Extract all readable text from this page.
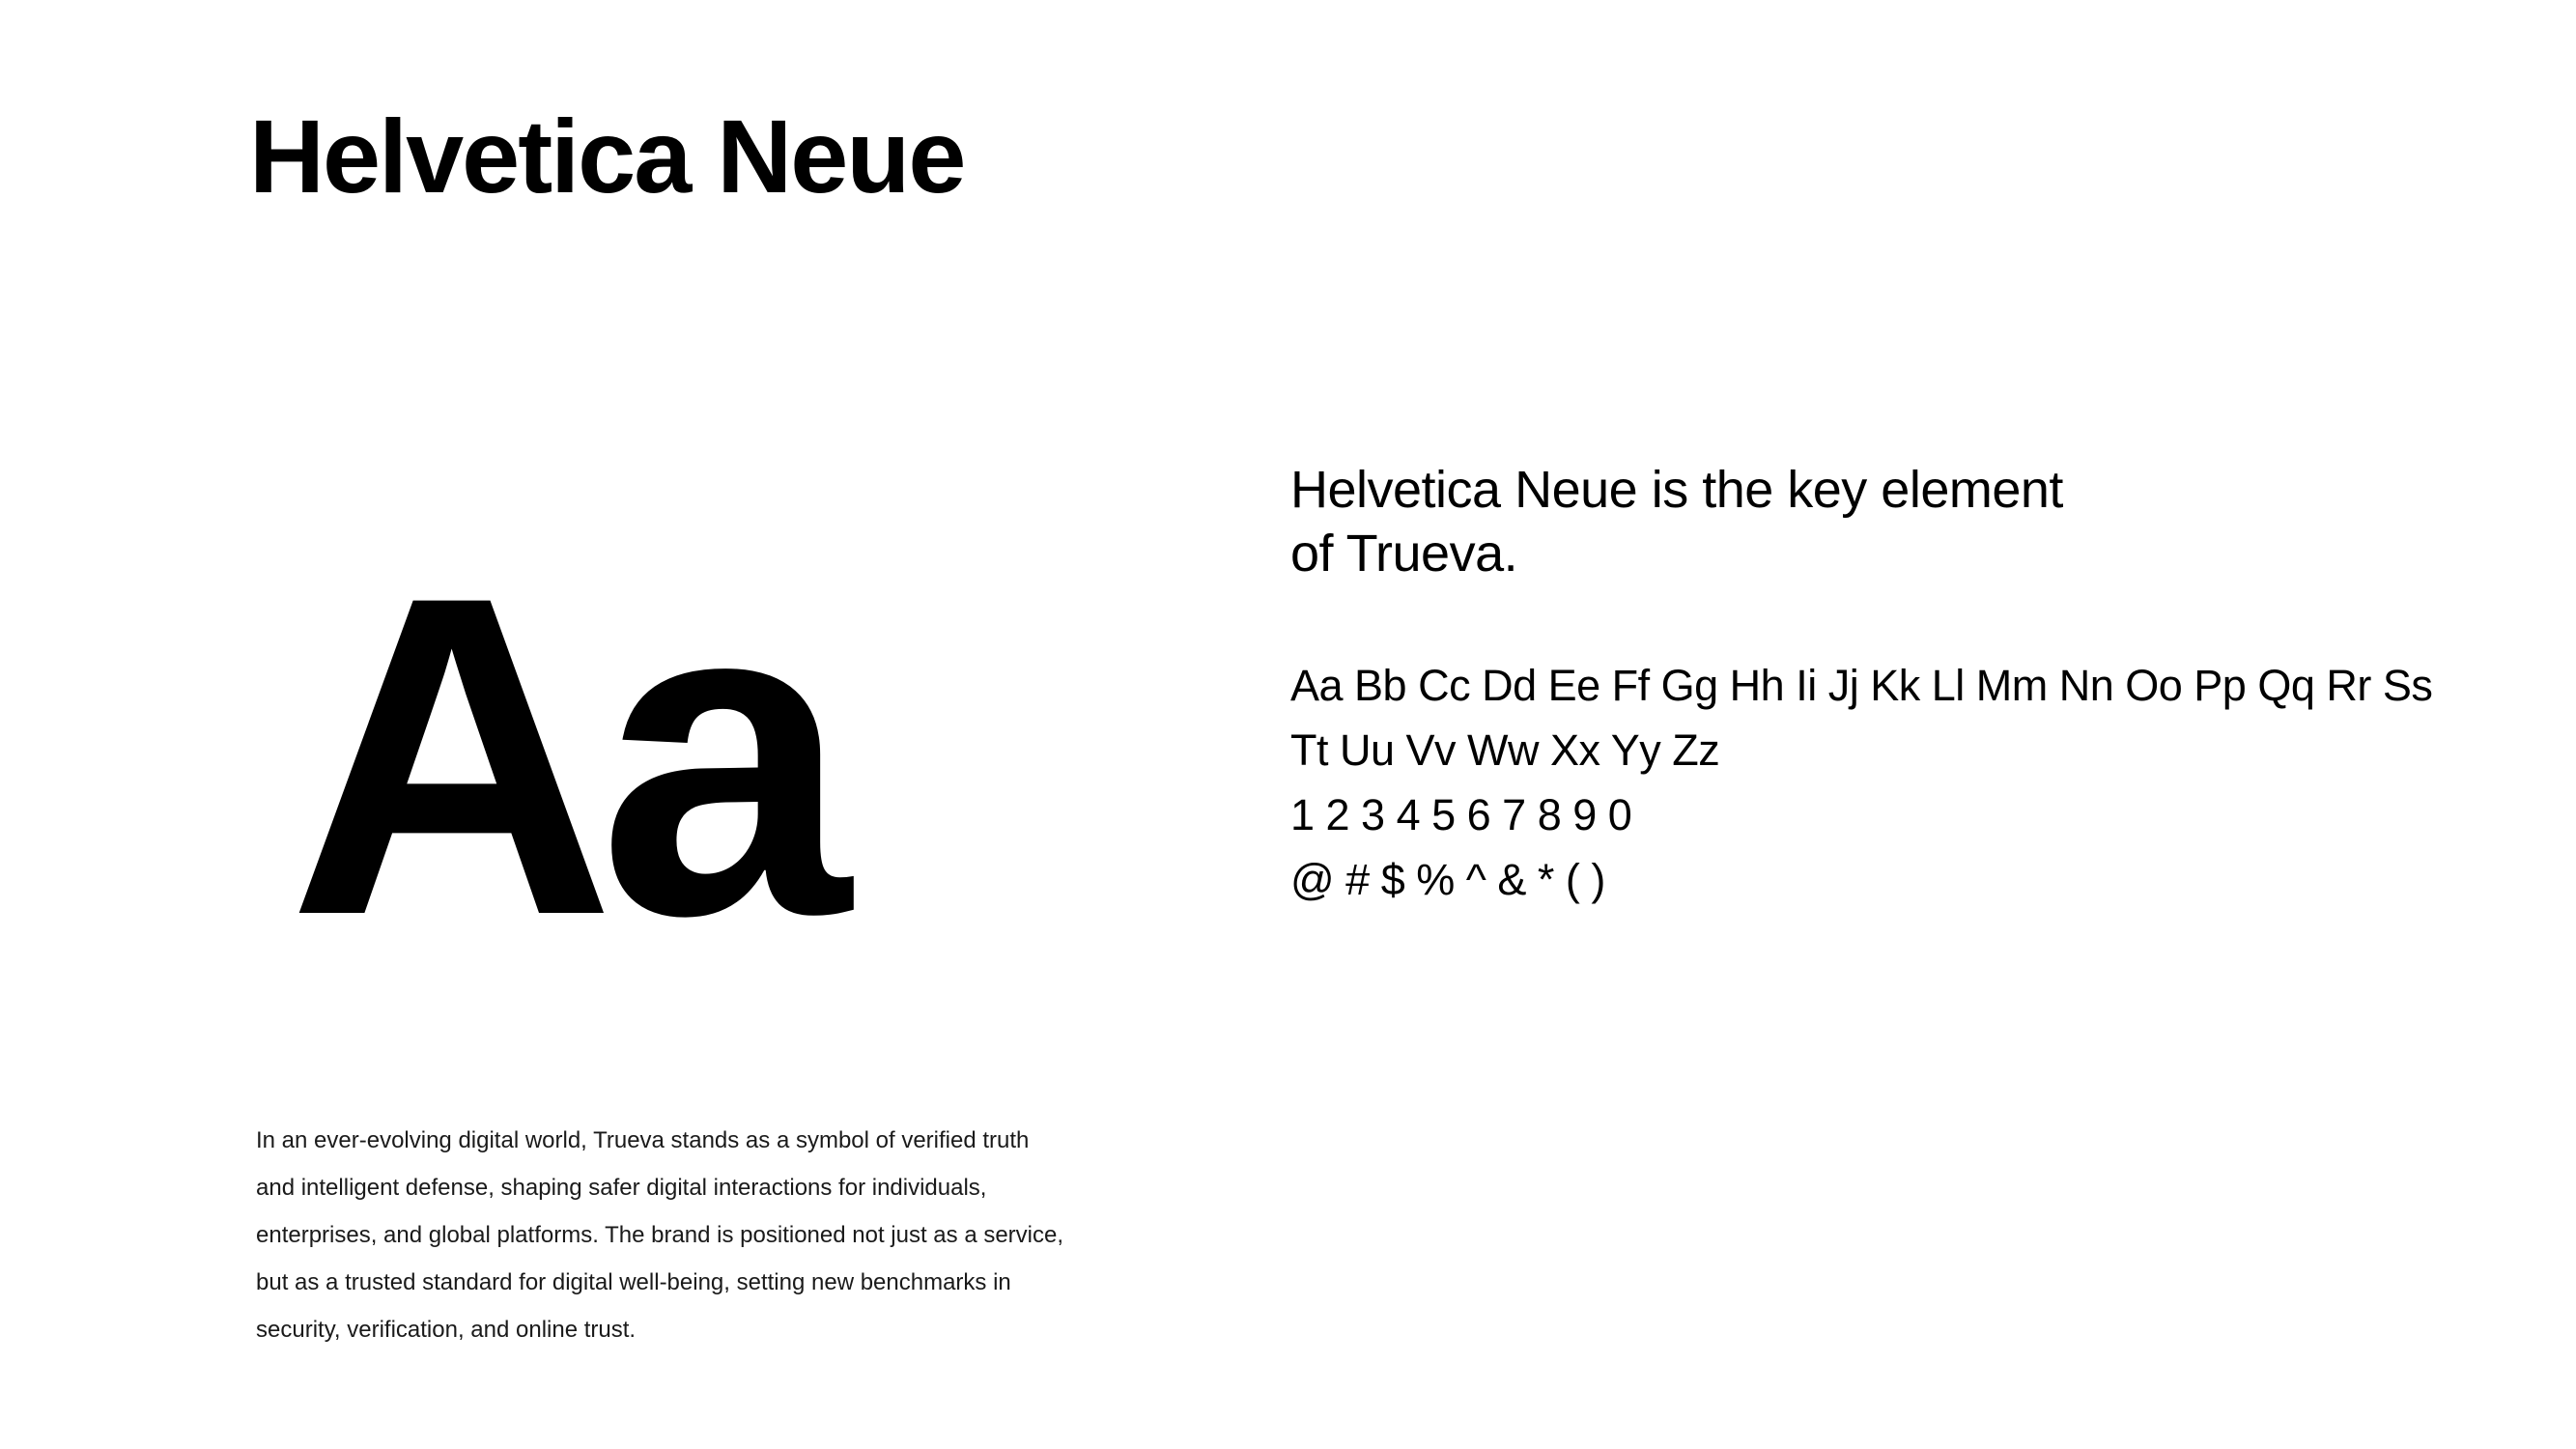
Helvetica Neue
Aa

Helvetica Neue is the key element
of Trueva.

Aa Bb Cc Dd Ee Ff Gg Hh Ii Jj Kk Ll Mm Nn Oo Pp Qq Rr Ss
Tt Uu Vv Ww Xx Yy Zz
1 2 3 4 5 6 7 8 9 0
@ # $ % ^ & * ( )

In an ever-evolving digital world, Trueva stands as a symbol of verified truth
and intelligent defense, shaping safer digital interactions for individuals,
enterprises, and global platforms. The brand is positioned not just as a service,
but as a trusted standard for digital well-being, setting new benchmarks in
security, verification, and online trust.
